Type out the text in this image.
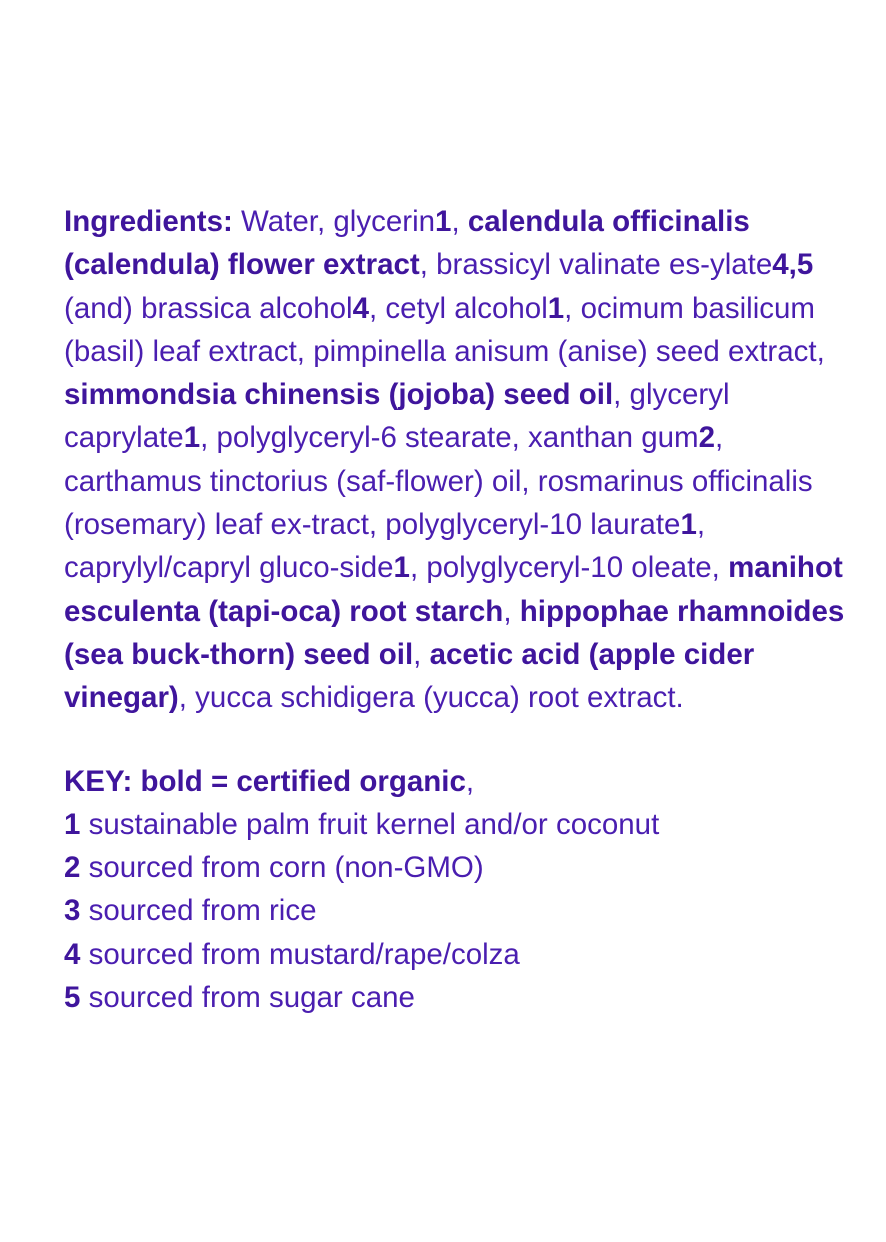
Ingredients: Water, glycerin1, calendula officinalis (calendula) flower extract, brassicyl valinate es-ylate4,5 (and) brassica alcohol4, cetyl alcohol1, ocimum basilicum (basil) leaf extract, pimpinella anisum (anise) seed extract, simmondsia chinensis (jojoba) seed oil, glyceryl caprylate1, polyglyceryl-6 stearate, xanthan gum2, carthamus tinctorius (saf-flower) oil, rosmarinus officinalis (rosemary) leaf ex-tract, polyglyceryl-10 laurate1, caprylyl/capryl gluco-side1, polyglyceryl-10 oleate, manihot esculenta (tapi-oca) root starch, hippophae rhamnoides (sea buck-thorn) seed oil, acetic acid (apple cider vinegar), yucca schidigera (yucca) root extract.

KEY: bold = certified organic,
1 sustainable palm fruit kernel and/or coconut
2 sourced from corn (non-GMO)
3 sourced from rice
4 sourced from mustard/rape/colza
5 sourced from sugar cane
